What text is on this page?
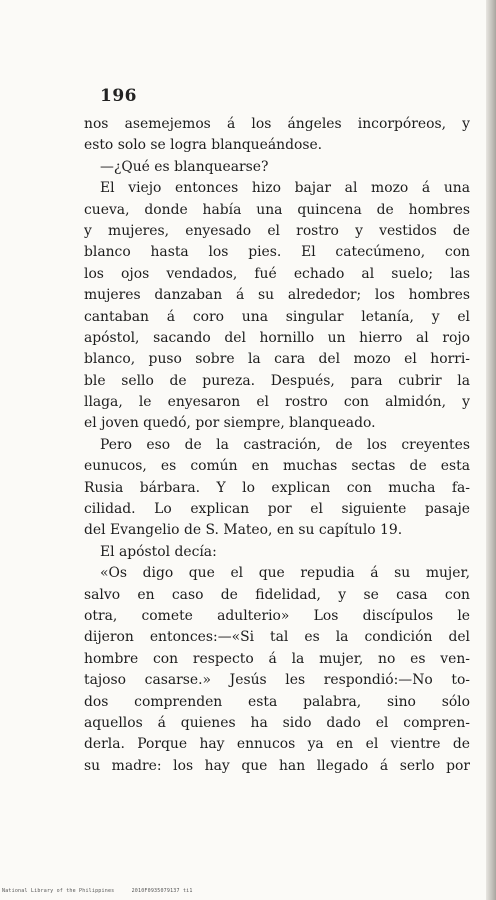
196
nos asemejemos á los ángeles incorpóreos, y
esto solo se logra blanqueándose.
—¿Qué es blanquearse?
El viejo entonces hizo bajar al mozo á una
cueva, donde había una quincena de hombres
y mujeres, enyesado el rostro y vestidos de
blanco hasta los pies. El catecúmeno, con
los ojos vendados, fué echado al suelo; las
mujeres danzaban á su alrededor; los hombres
cantaban á coro una singular letanía, y el
apóstol, sacando del hornillo un hierro al rojo
blanco, puso sobre la cara del mozo el horri-
ble sello de pureza. Después, para cubrir la
llaga, le enyesaron el rostro con almidón, y
el joven quedó, por siempre, blanqueado.
Pero eso de la castración, de los creyentes
eunucos, es común en muchas sectas de esta
Rusia bárbara. Y lo explican con mucha fa-
cilidad. Lo explican por el siguiente pasaje
del Evangelio de S. Mateo, en su capítulo 19.
El apóstol decía:
«Os digo que el que repudia á su mujer,
salvo en caso de fidelidad, y se casa con
otra, comete adulterio» Los discípulos le
dijeron entonces:—«Si tal es la condición del
hombre con respecto á la mujer, no es ven-
tajoso casarse.» Jesús les respondió:—No to-
dos comprenden esta palabra, sino sólo
aquellos á quienes ha sido dado el compren-
derla. Porque hay ennucos ya en el vientre de
su madre: los hay que han llegado á serlo por
National Library of the Philippines	2010F0935079137 ti1
